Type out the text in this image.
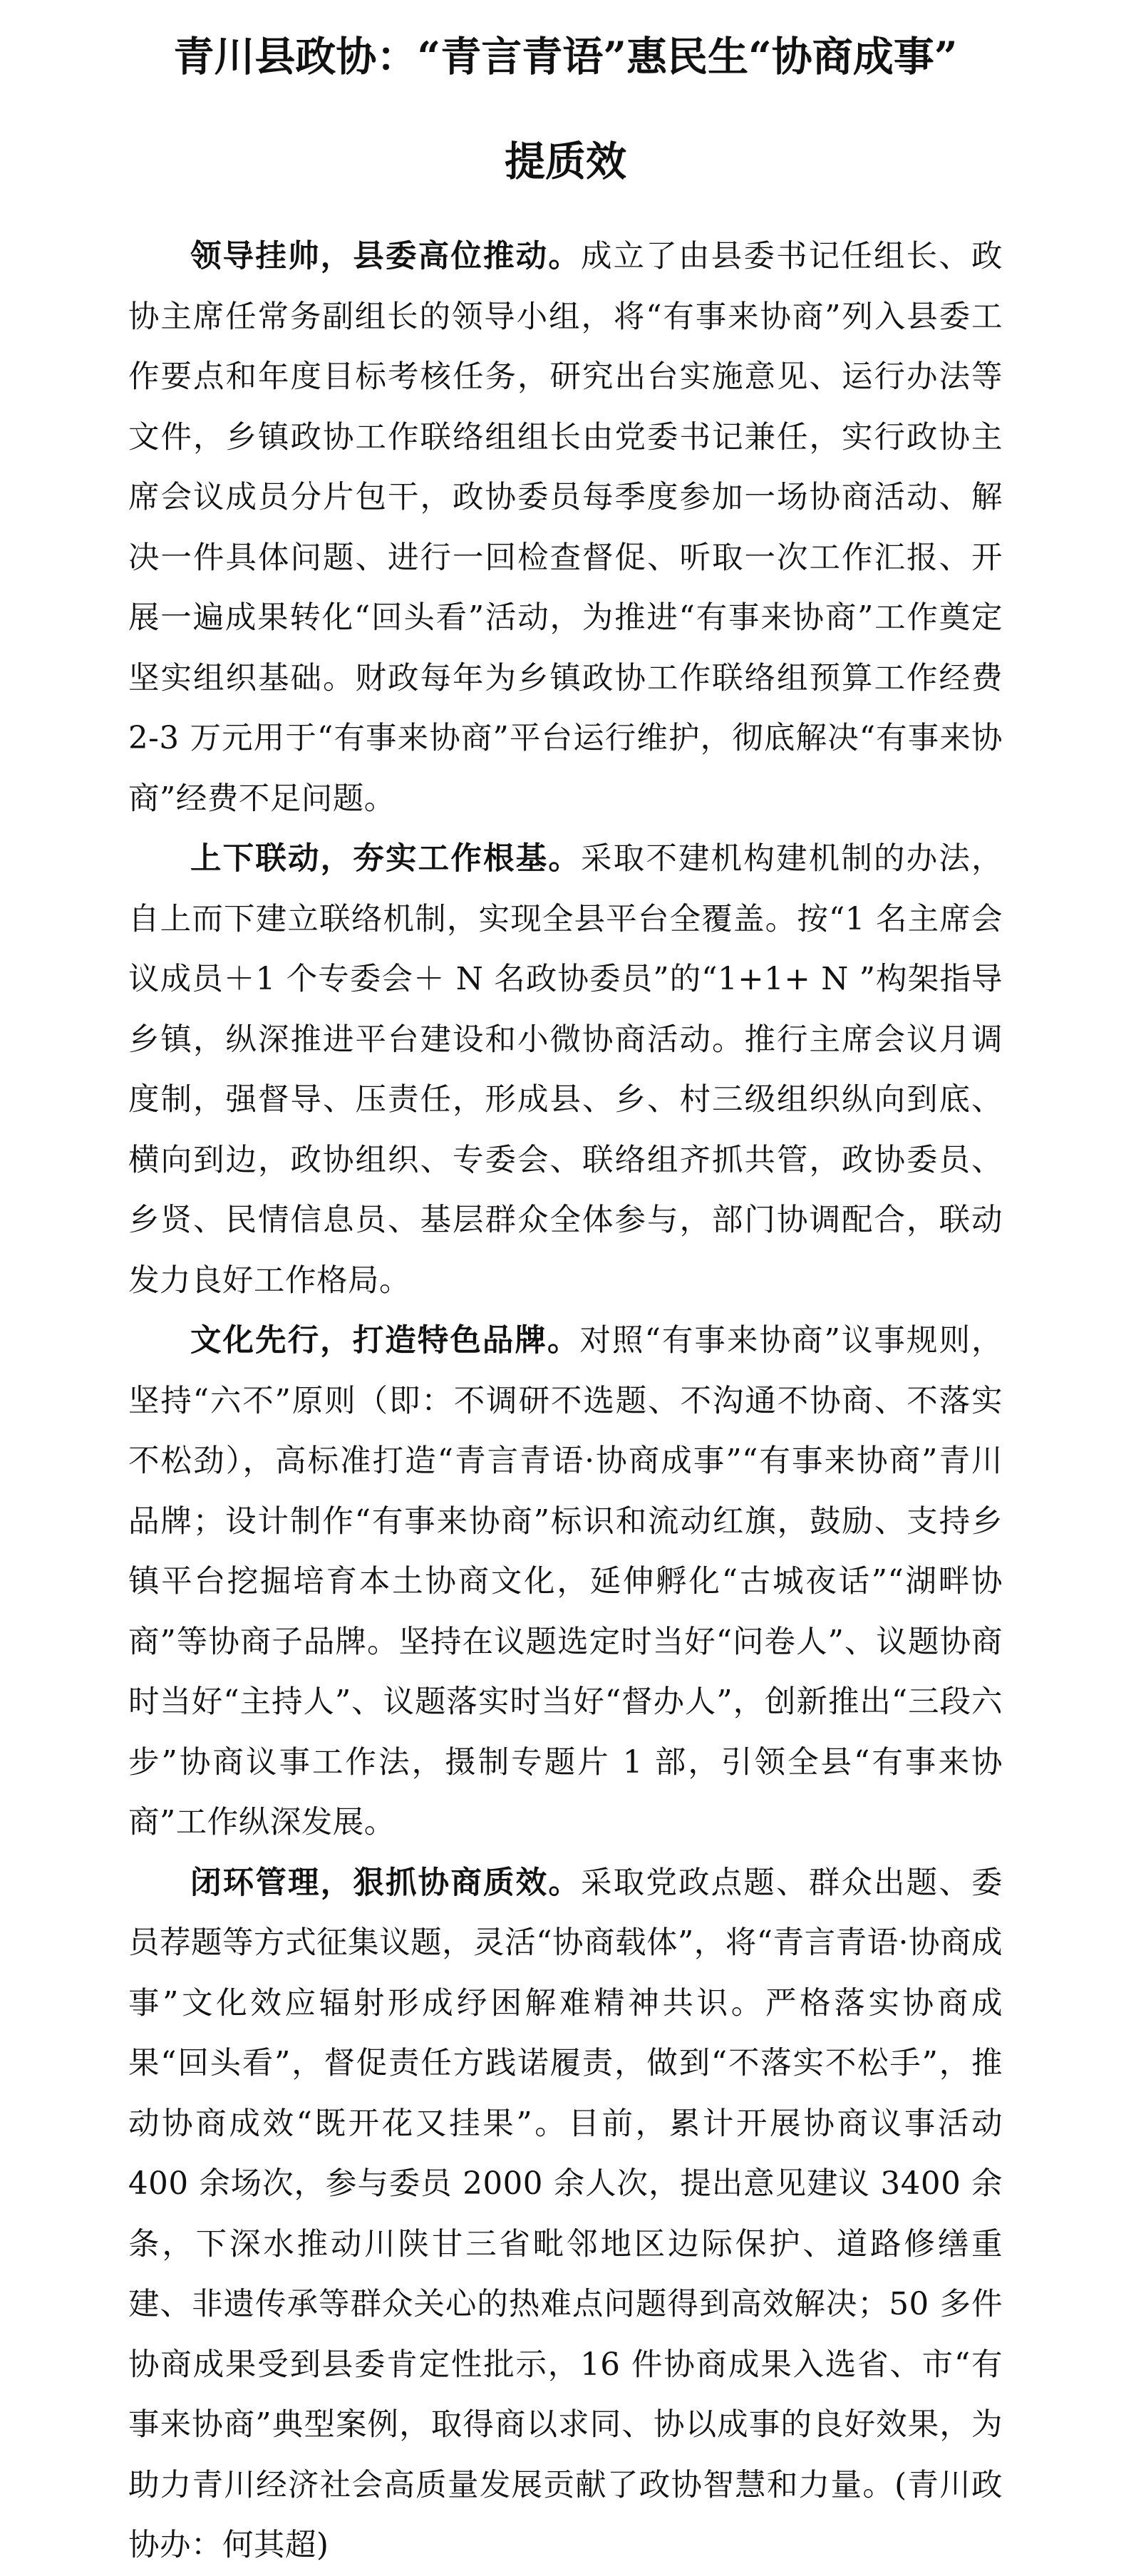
青川县政协：“青言青语”惠民生“协商成事”
提质效

领导挂帅，县委高位推动。成立了由县委书记任组长、政协主席任常务副组长的领导小组，将“有事来协商”列入县委工作要点和年度目标考核任务，研究出台实施意见、运行办法等文件，乡镇政协工作联络组组长由党委书记兼任，实行政协主席会议成员分片包干，政协委员每季度参加一场协商活动、解决一件具体问题、进行一回检查督促、听取一次工作汇报、开展一遍成果转化“回头看”活动，为推进“有事来协商”工作奠定坚实组织基础。财政每年为乡镇政协工作联络组预算工作经费 2-3 万元用于“有事来协商”平台运行维护，彻底解决“有事来协商”经费不足问题。

上下联动，夯实工作根基。采取不建机构建机制的办法，自上而下建立联络机制，实现全县平台全覆盖。按“1 名主席会议成员＋1 个专委会＋ N 名政协委员”的“1+1+ N ”构架指导乡镇，纵深推进平台建设和小微协商活动。推行主席会议月调度制，强督导、压责任，形成县、乡、村三级组织纵向到底、横向到边，政协组织、专委会、联络组齐抓共管，政协委员、乡贤、民情信息员、基层群众全体参与，部门协调配合，联动发力良好工作格局。

文化先行，打造特色品牌。对照“有事来协商”议事规则，坚持“六不”原则（即：不调研不选题、不沟通不协商、不落实不松劲），高标准打造“青言青语·协商成事”“有事来协商”青川品牌；设计制作“有事来协商”标识和流动红旗，鼓励、支持乡镇平台挖掘培育本土协商文化，延伸孵化“古城夜话”“湖畔协商”等协商子品牌。坚持在议题选定时当好“问卷人”、议题协商时当好“主持人”、议题落实时当好“督办人”，创新推出“三段六步”协商议事工作法，摄制专题片 1 部，引领全县“有事来协商”工作纵深发展。

闭环管理，狠抓协商质效。采取党政点题、群众出题、委员荐题等方式征集议题，灵活“协商载体”，将“青言青语·协商成事”文化效应辐射形成纾困解难精神共识。严格落实协商成果“回头看”，督促责任方践诺履责，做到“不落实不松手”，推动协商成效“既开花又挂果”。目前，累计开展协商议事活动 400 余场次，参与委员 2000 余人次，提出意见建议 3400 余条，下深水推动川陕甘三省毗邻地区边际保护、道路修缮重建、非遗传承等群众关心的热难点问题得到高效解决；50 多件协商成果受到县委肯定性批示，16 件协商成果入选省、市“有事来协商”典型案例，取得商以求同、协以成事的良好效果，为助力青川经济社会高质量发展贡献了政协智慧和力量。(青川政协办：何其超)
